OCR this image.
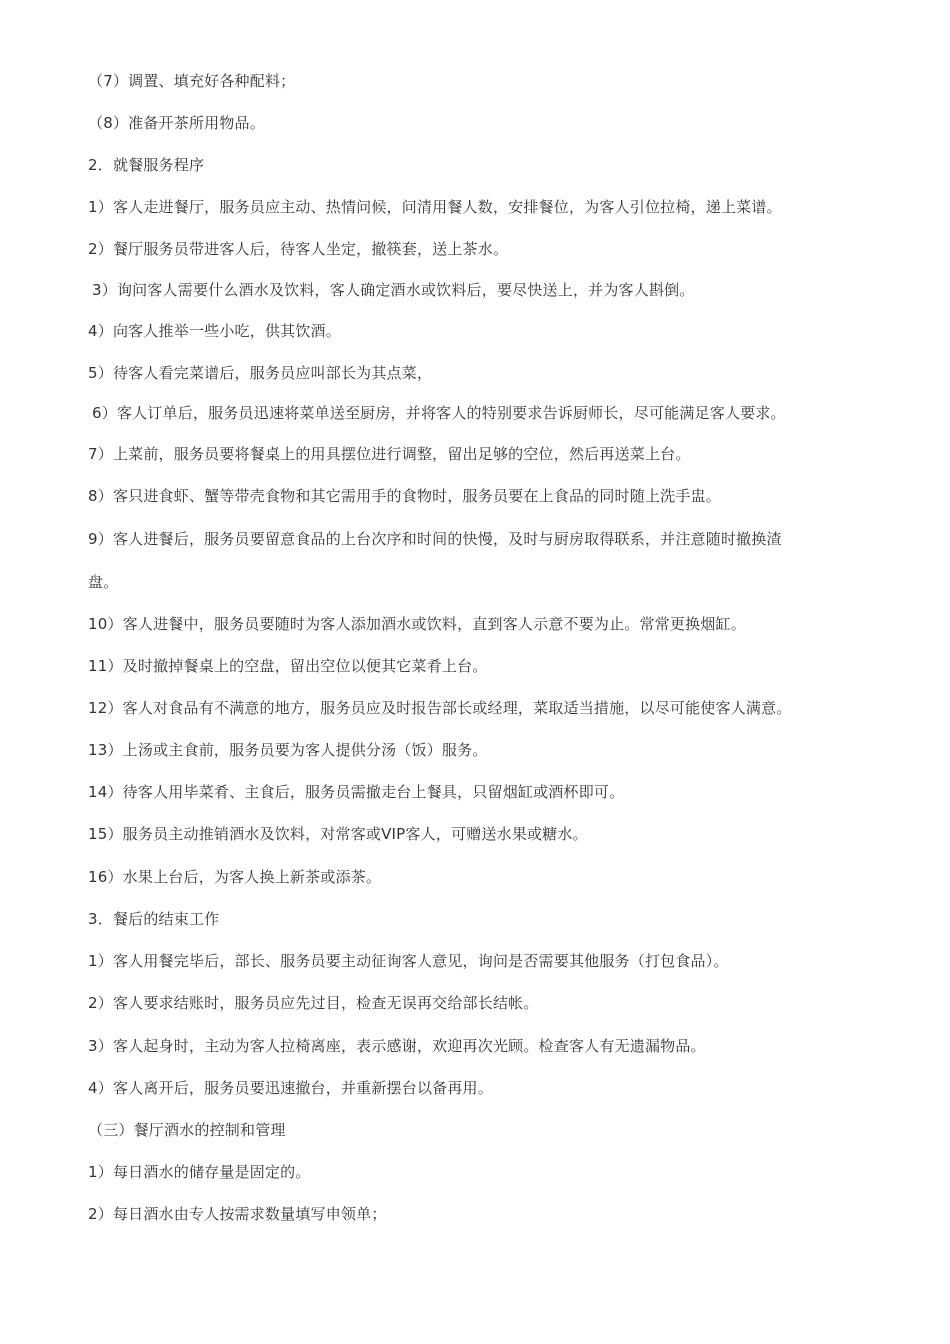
（7）调置、填充好各种配料；
（8）准备开茶所用物品。
2．就餐服务程序
1）客人走进餐厅，服务员应主动、热情问候，问清用餐人数，安排餐位，为客人引位拉椅，递上菜谱。
2）餐厅服务员带进客人后，待客人坐定，撤筷套，送上茶水。
3）询问客人需要什么酒水及饮料，客人确定酒水或饮料后，要尽快送上，并为客人斟倒。
4）向客人推举一些小吃，供其饮酒。
5）待客人看完菜谱后，服务员应叫部长为其点菜，
6）客人订单后，服务员迅速将菜单送至厨房，并将客人的特别要求告诉厨师长，尽可能满足客人要求。
7）上菜前，服务员要将餐桌上的用具摆位进行调整，留出足够的空位，然后再送菜上台。
8）客只进食虾、蟹等带壳食物和其它需用手的食物时，服务员要在上食品的同时随上洗手盅。
9）客人进餐后，服务员要留意食品的上台次序和时间的快慢，及时与厨房取得联系，并注意随时撤换渣
盘。
10）客人进餐中，服务员要随时为客人添加酒水或饮料，直到客人示意不要为止。常常更换烟缸。
11）及时撤掉餐桌上的空盘，留出空位以便其它菜肴上台。
12）客人对食品有不满意的地方，服务员应及时报告部长或经理，菜取适当措施，以尽可能使客人满意。
13）上汤或主食前，服务员要为客人提供分汤（饭）服务。
14）待客人用毕菜肴、主食后，服务员需撤走台上餐具，只留烟缸或酒杯即可。
15）服务员主动推销酒水及饮料，对常客或VIP客人，可赠送水果或糖水。
16）水果上台后，为客人换上新茶或添茶。
3．餐后的结束工作
1）客人用餐完毕后，部长、服务员要主动征询客人意见，询问是否需要其他服务（打包食品）。
2）客人要求结账时，服务员应先过目，检查无误再交给部长结帐。
3）客人起身时，主动为客人拉椅离座，表示感谢，欢迎再次光顾。检查客人有无遗漏物品。
4）客人离开后，服务员要迅速撤台，并重新摆台以备再用。
（三）餐厅酒水的控制和管理
1）每日酒水的储存量是固定的。
2）每日酒水由专人按需求数量填写申领单；
